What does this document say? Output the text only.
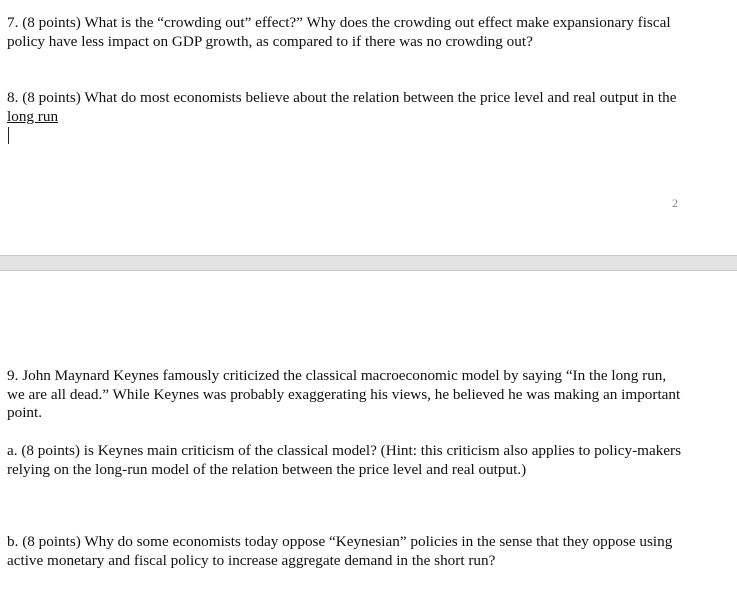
7. (8 points) What is the “crowding out” effect?” Why does the crowding out effect make expansionary fiscal policy have less impact on GDP growth, as compared to if there was no crowding out?

8. (8 points) What do most economists believe about the relation between the price level and real output in the long run

2

9. John Maynard Keynes famously criticized the classical macroeconomic model by saying “In the long run, we are all dead.” While Keynes was probably exaggerating his views, he believed he was making an important point.

a. (8 points) is Keynes main criticism of the classical model? (Hint: this criticism also applies to policy-makers relying on the long-run model of the relation between the price level and real output.)

b. (8 points) Why do some economists today oppose “Keynesian” policies in the sense that they oppose using active monetary and fiscal policy to increase aggregate demand in the short run?
